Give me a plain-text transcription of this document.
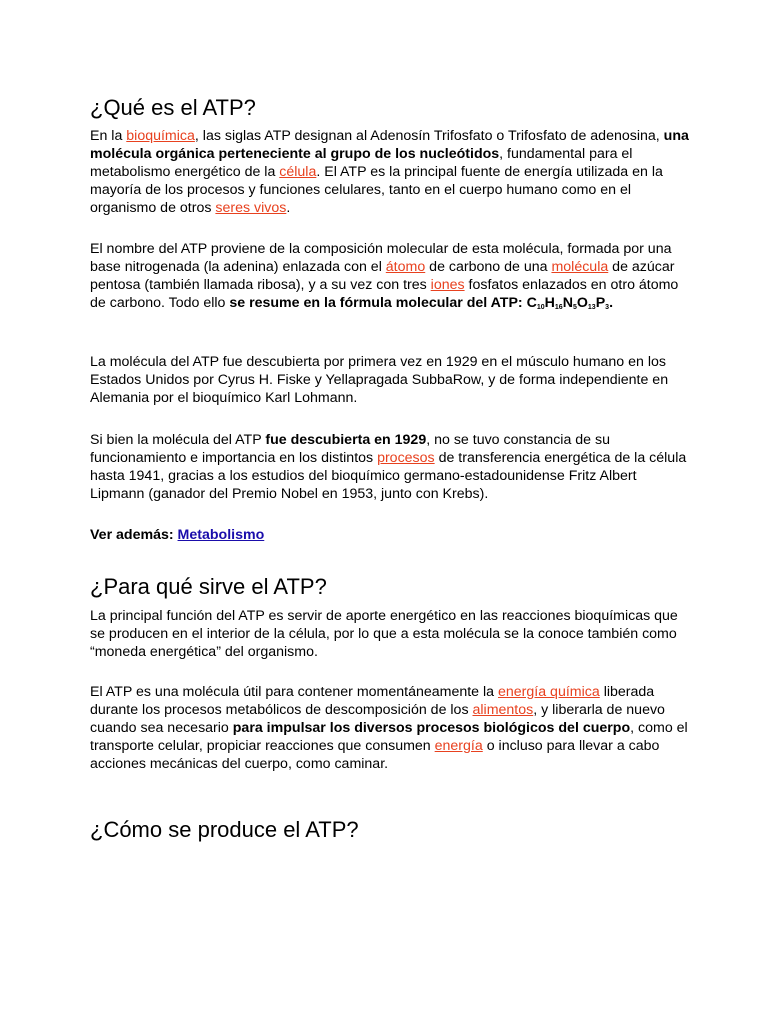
¿Qué es el ATP?

En la bioquímica, las siglas ATP designan al Adenosín Trifosfato o Trifosfato de adenosina, una molécula orgánica perteneciente al grupo de los nucleótidos, fundamental para el metabolismo energético de la célula. El ATP es la principal fuente de energía utilizada en la mayoría de los procesos y funciones celulares, tanto en el cuerpo humano como en el organismo de otros seres vivos.

El nombre del ATP proviene de la composición molecular de esta molécula, formada por una base nitrogenada (la adenina) enlazada con el átomo de carbono de una molécula de azúcar pentosa (también llamada ribosa), y a su vez con tres iones fosfatos enlazados en otro átomo de carbono. Todo ello se resume en la fórmula molecular del ATP: $C_{10}H_{16}N_5O_{13}P_3$.

La molécula del ATP fue descubierta por primera vez en 1929 en el músculo humano en los Estados Unidos por Cyrus H. Fiske y Yellapragada SubbaRow, y de forma independiente en Alemania por el bioquímico Karl Lohmann.

Si bien la molécula del ATP fue descubierta en 1929, no se tuvo constancia de su funcionamiento e importancia en los distintos procesos de transferencia energética de la célula hasta 1941, gracias a los estudios del bioquímico germano-estadounidense Fritz Albert Lipmann (ganador del Premio Nobel en 1953, junto con Krebs).

Ver además: Metabolismo

¿Para qué sirve el ATP?

La principal función del ATP es servir de aporte energético en las reacciones bioquímicas que se producen en el interior de la célula, por lo que a esta molécula se la conoce también como “moneda energética” del organismo.

El ATP es una molécula útil para contener momentáneamente la energía química liberada durante los procesos metabólicos de descomposición de los alimentos, y liberarla de nuevo cuando sea necesario para impulsar los diversos procesos biológicos del cuerpo, como el transporte celular, propiciar reacciones que consumen energía o incluso para llevar a cabo acciones mecánicas del cuerpo, como caminar.

¿Cómo se produce el ATP?
